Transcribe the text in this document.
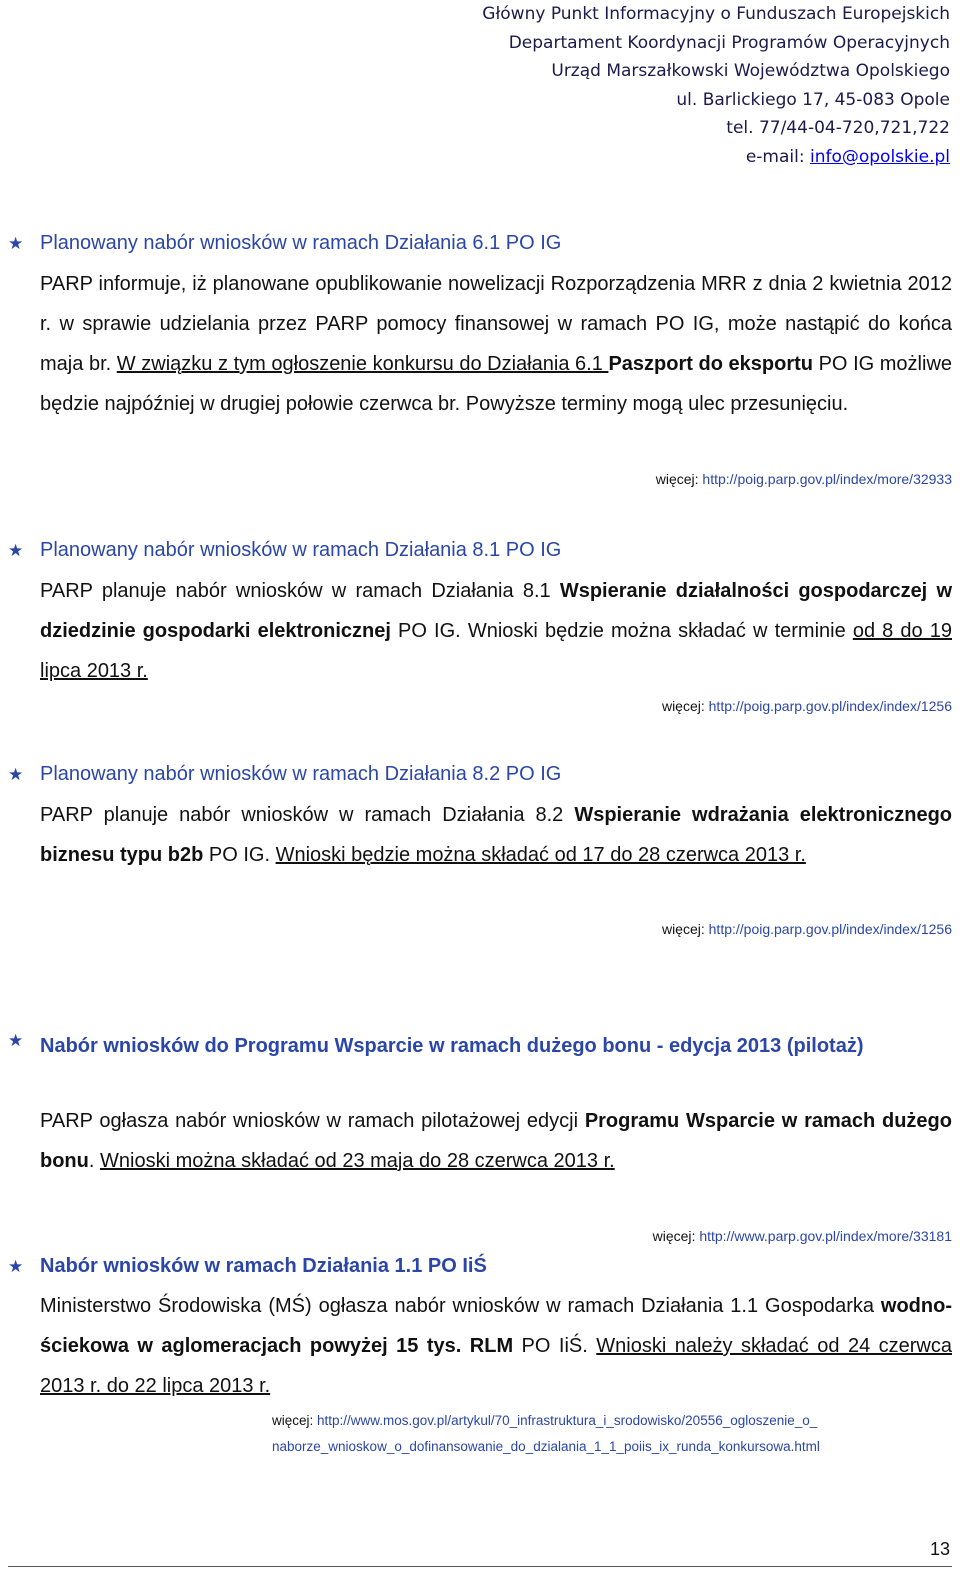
Główny Punkt Informacyjny o Funduszach Europejskich
Departament Koordynacji Programów Operacyjnych
Urząd Marszałkowski Województwa Opolskiego
ul. Barlickiego 17, 45-083 Opole
tel. 77/44-04-720,721,722
e-mail: info@opolskie.pl
★ Planowany nabór wniosków w ramach Działania 6.1 PO IG

PARP informuje, iż planowane opublikowanie nowelizacji Rozporządzenia MRR z dnia 2 kwietnia 2012 r. w sprawie udzielania przez PARP pomocy finansowej w ramach PO IG, może nastąpić do końca maja br. W związku z tym ogłoszenie konkursu do Działania 6.1 Paszport do eksportu PO IG możliwe będzie najpóźniej w drugiej połowie czerwca br. Powyższe terminy mogą ulec przesunięciu.

więcej: http://poig.parp.gov.pl/index/more/32933
★ Planowany nabór wniosków w ramach Działania 8.1 PO IG

PARP planuje nabór wniosków w ramach Działania 8.1 Wspieranie działalności gospodarczej w dziedzinie gospodarki elektronicznej PO IG. Wnioski będzie można składać w terminie od 8 do 19 lipca 2013 r.

więcej: http://poig.parp.gov.pl/index/index/1256
★ Planowany nabór wniosków w ramach Działania 8.2 PO IG

PARP planuje nabór wniosków w ramach Działania 8.2 Wspieranie wdrażania elektronicznego biznesu typu b2b PO IG. Wnioski będzie można składać od 17 do 28 czerwca 2013 r.

więcej: http://poig.parp.gov.pl/index/index/1256
★ Nabór wniosków do Programu Wsparcie w ramach dużego bonu - edycja 2013 (pilotaż)

PARP ogłasza nabór wniosków w ramach pilotażowej edycji Programu Wsparcie w ramach dużego bonu. Wnioski można składać od 23 maja do 28 czerwca 2013 r.

więcej: http://www.parp.gov.pl/index/more/33181
★ Nabór wniosków w ramach Działania 1.1 PO IiŚ

Ministerstwo Środowiska (MŚ) ogłasza nabór wniosków w ramach Działania 1.1 Gospodarka wodno-ściekowa w aglomeracjach powyżej 15 tys. RLM PO IiŚ. Wnioski należy składać od 24 czerwca 2013 r. do 22 lipca 2013 r.

więcej: http://www.mos.gov.pl/artykul/70_infrastruktura_i_srodowisko/20556_ogloszenie_o_
naborze_wnioskow_o_dofinansowanie_do_dzialania_1_1_poiis_ix_runda_konkursowa.html
13
